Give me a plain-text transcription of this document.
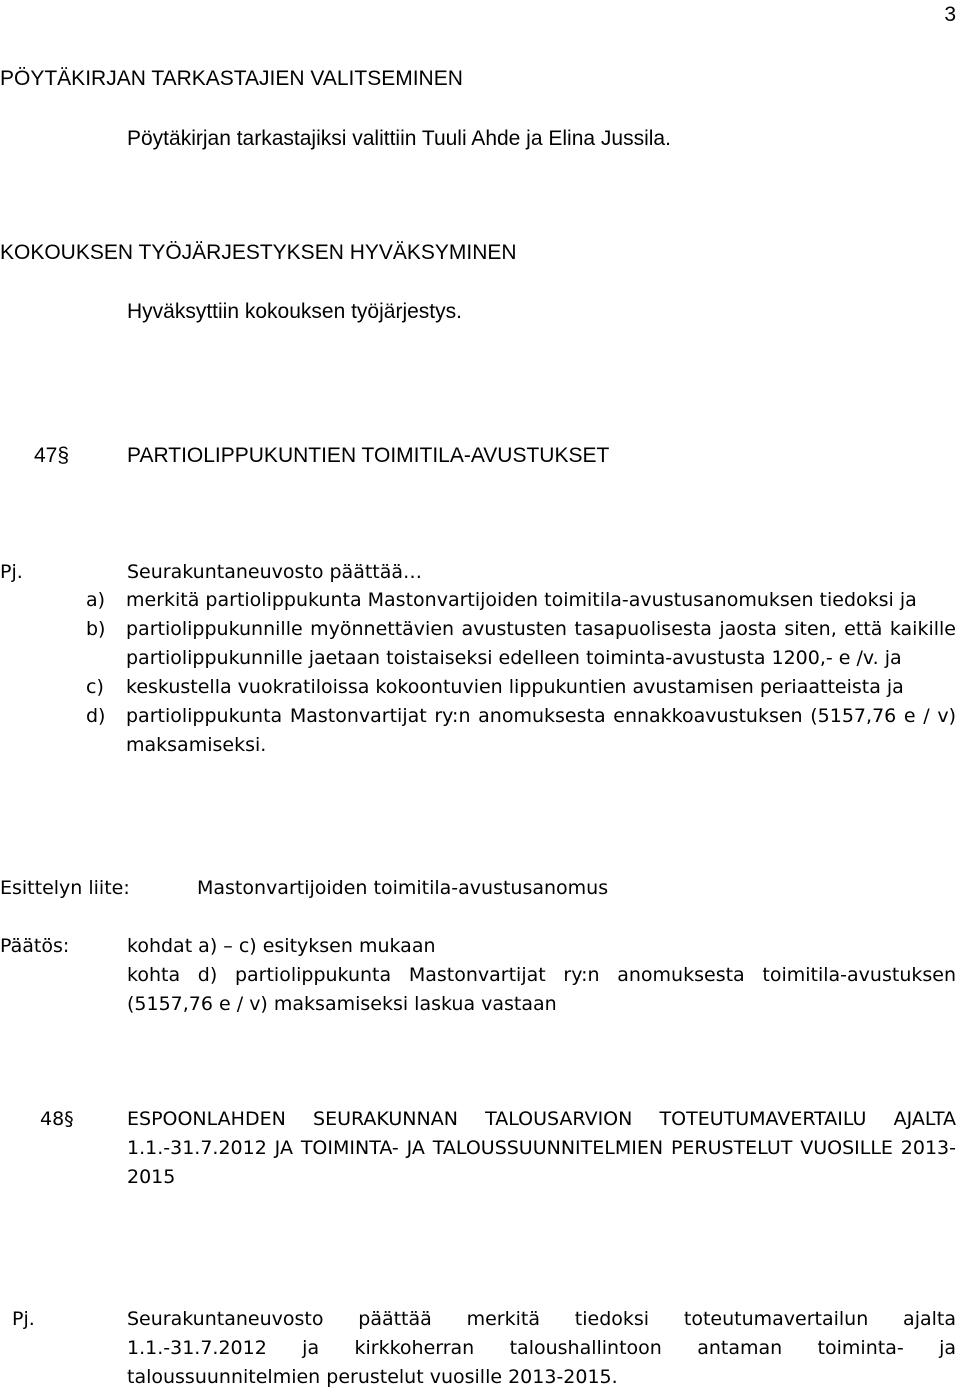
3
PÖYTÄKIRJAN TARKASTAJIEN VALITSEMINEN
Pöytäkirjan tarkastajiksi valittiin Tuuli Ahde ja Elina Jussila.
KOKOUKSEN TYÖJÄRJESTYKSEN HYVÄKSYMINEN
Hyväksyttiin kokouksen työjärjestys.
47§	PARTIOLIPPUKUNTIEN TOIMITILA-AVUSTUKSET
Pj.	Seurakuntaneuvosto päättää…
a)	merkitä partiolippukunta Mastonvartijoiden toimitila-avustusanomuksen tiedoksi ja
b)	partiolippukunnille myönnettävien avustusten tasapuolisesta jaosta siten, että kaikille partiolippukunnille jaetaan toistaiseksi edelleen toiminta-avustusta 1200,- e /v. ja
c)	keskustella vuokratiloissa kokoontuvien lippukuntien avustamisen periaatteista ja
d)	partiolippukunta Mastonvartijat ry:n anomuksesta ennakkoavustuksen (5157,76 e / v) maksamiseksi.
Esittelyn liite:	Mastonvartijoiden toimitila-avustusanomus
Päätös:	kohdat a) – c) esityksen mukaan
kohta d) partiolippukunta Mastonvartijat ry:n anomuksesta toimitila-avustuksen (5157,76 e / v) maksamiseksi laskua vastaan
48§	ESPOONLAHDEN SEURAKUNNAN TALOUSARVION TOTEUTUMAVERTAILU AJALTA 1.1.-31.7.2012 JA TOIMINTA- JA TALOUSSUUNNITELMIEN PERUSTELUT VUOSILLE 2013-2015
Pj.	Seurakuntaneuvosto päättää merkitä tiedoksi toteutumavertailun ajalta 1.1.-31.7.2012 ja kirkkoherran taloushallintoon antaman toiminta- ja taloussuunnitelmien perustelut vuosille 2013-2015.
